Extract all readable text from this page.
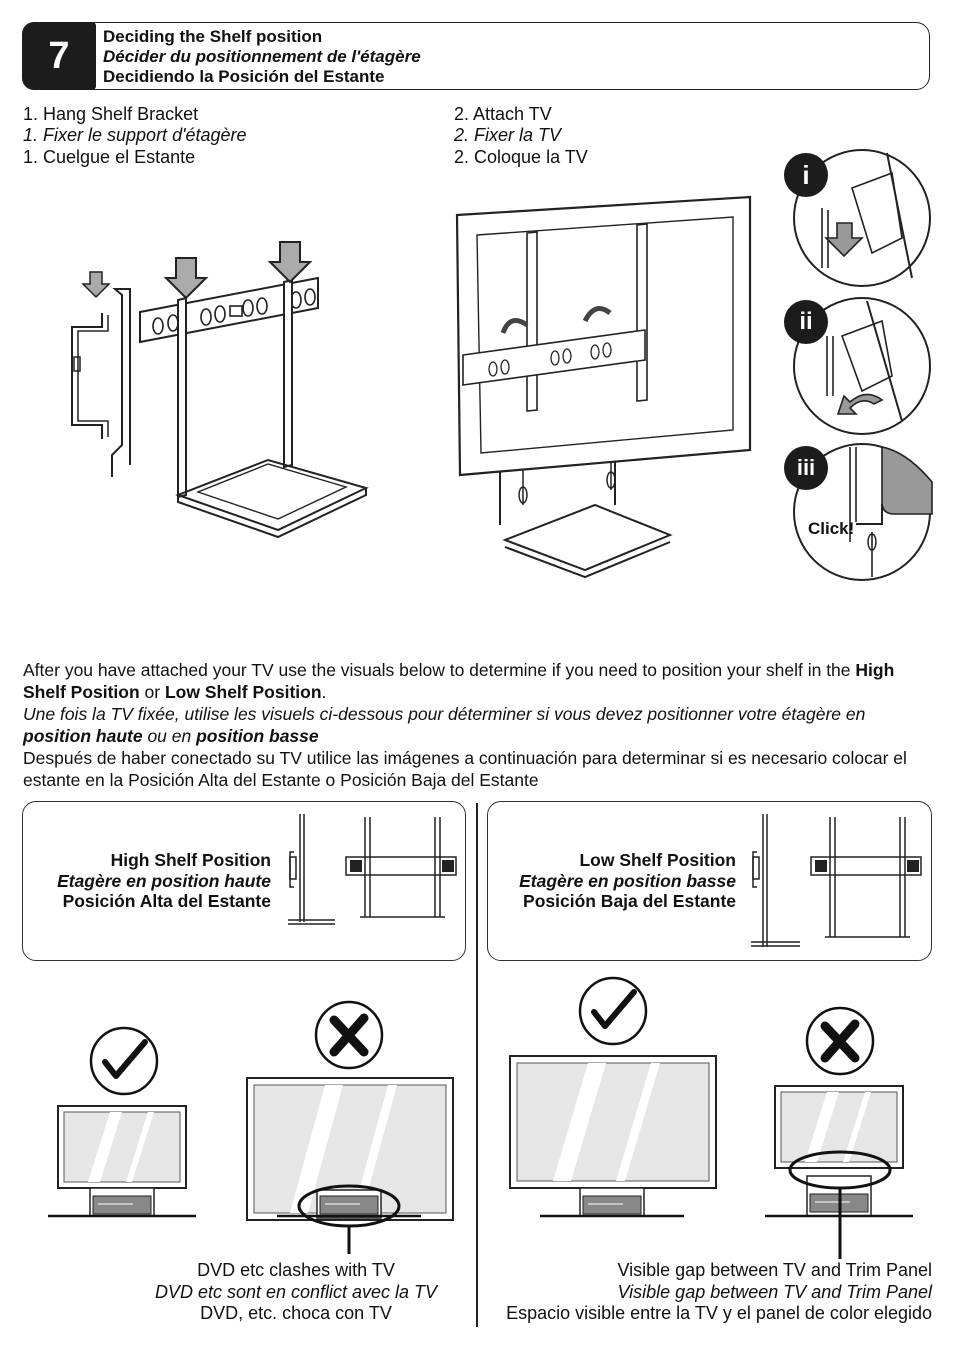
7	Deciding the Shelf position
Décider du positionnement de l'étagère
Decidiendo la Posición del Estante
1. Hang Shelf Bracket
1. Fixer le support d'étagère
1. Cuelgue el Estante
2. Attach TV
2. Fixer la TV
2. Coloque la TV
i
ii
iii
Click!
After you have attached your TV use the visuals below to determine if you need to position your shelf in the High Shelf Position or Low Shelf Position.
Une fois la TV fixée, utilise les visuels ci-dessous pour déterminer si vous devez positionner votre étagère en position haute ou en position basse
Después de haber conectado su TV utilice las imágenes a continuación para determinar si es necesario colocar el estante en la Posición Alta del Estante o Posición Baja del Estante
High Shelf Position
Etagère en position haute
Posición Alta del Estante
Low Shelf Position
Etagère en position basse
Posición Baja del Estante
DVD etc clashes with TV
DVD etc sont en conflict avec la TV
DVD, etc. choca con TV
Visible gap between TV and Trim Panel
Visible gap between TV and Trim Panel
Espacio visible entre la TV y el panel de color elegido
